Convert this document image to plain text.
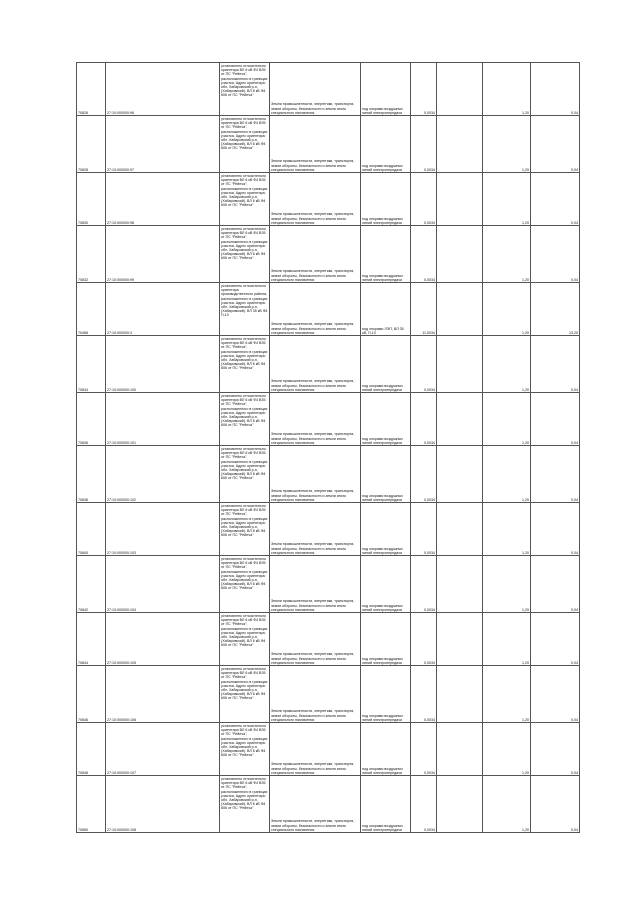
70826	27:10:000000:96	установлено относительно ориентира ВЛ 6 кВ Ф4 ВЗ5 от ПС "Рейнча", расположенного в границах участка. Адрес ориентира: обл. Хабаровский р-н, (Хабаровский). ВЛ 6 кВ Ф4 606 от ПС "Рейнча"	Земли промышленности, энергетики, транспорта, земли обороны, безопасности и земли иного специального назначения	под опорами воздушных линий электропередачи	0,0034		1,20	0,04
70828	27:10:000000:97	установлено относительно ориентира ВЛ 6 кВ Ф4 ВЗ5 от ПС "Рейнча", расположенного в границах участка. Адрес ориентира: обл. Хабаровский р-н, (Хабаровский). ВЛ 6 кВ Ф4 606 от ПС "Рейнча"	Земли промышленности, энергетики, транспорта, земли обороны, безопасности и земли иного специального назначения	под опорами воздушных линий электропередачи	0,0034		1,20	0,04
70830	27:10:000000:98	установлено относительно ориентира ВЛ 6 кВ Ф4 ВЗ5 от ПС "Рейнча", расположенного в границах участка. Адрес ориентира: обл. Хабаровский р-н, (Хабаровский). ВЛ 6 кВ Ф4 606 от ПС "Рейнча"	Земли промышленности, энергетики, транспорта, земли обороны, безопасности и земли иного специального назначения	под опорами воздушных линий электропередачи	0,0034		1,20	0,04
70832	27:10:000000:99	установлено относительно ориентира ВЛ 6 кВ Ф4 ВЗ5 от ПС "Рейнча", расположенного в границах участка. Адрес ориентира: обл. Хабаровский р-н, (Хабаровский). ВЛ 6 кВ Ф4 606 от ПС "Рейнча"	Земли промышленности, энергетики, транспорта, земли обороны, безопасности и земли иного специального назначения	под опорами воздушных линий электропередачи	0,0034		1,20	0,04
70468	27:10:000000:3	установлено относительно ориентира производственного района, расположенного в границах участка. Адрес ориентира: обл. Хабаровский р-н, (Хабаровский). ВЛ 35 кВ Ф4 П-10	Земли промышленности, энергетики, транспорта, земли обороны, безопасности и земли иного специального назначения	под опорами ЛЭП, ВЛ 35 кВ, П-10	11,0034		1,20	13,20
70834	27:10:000000:100	установлено относительно ориентира ВЛ 6 кВ Ф4 ВЗ5 от ПС "Рейнча", расположенного в границах участка. Адрес ориентира: обл. Хабаровский р-н, (Хабаровский). ВЛ 6 кВ Ф4 606 от ПС "Рейнча"	Земли промышленности, энергетики, транспорта, земли обороны, безопасности и земли иного специального назначения	под опорами воздушных линий электропередачи	0,0034		1,20	0,04
70836	27:10:000000:101	установлено относительно ориентира ВЛ 6 кВ Ф4 ВЗ5 от ПС "Рейнча", расположенного в границах участка. Адрес ориентира: обл. Хабаровский р-н, (Хабаровский). ВЛ 6 кВ Ф4 606 от ПС "Рейнча"	Земли промышленности, энергетики, транспорта, земли обороны, безопасности и земли иного специального назначения	под опорами воздушных линий электропередачи	0,0034		1,20	0,04
70838	27:10:000000:102	установлено относительно ориентира ВЛ 6 кВ Ф4 ВЗ5 от ПС "Рейнча", расположенного в границах участка. Адрес ориентира: обл. Хабаровский р-н, (Хабаровский). ВЛ 6 кВ Ф4 606 от ПС "Рейнча"	Земли промышленности, энергетики, транспорта, земли обороны, безопасности и земли иного специального назначения	под опорами воздушных линий электропередачи	0,0034		1,20	0,04
70840	27:10:000000:103	установлено относительно ориентира ВЛ 6 кВ Ф4 ВЗ5 от ПС "Рейнча", расположенного в границах участка. Адрес ориентира: обл. Хабаровский р-н, (Хабаровский). ВЛ 6 кВ Ф4 606 от ПС "Рейнча"	Земли промышленности, энергетики, транспорта, земли обороны, безопасности и земли иного специального назначения	под опорами воздушных линий электропередачи	0,0034		1,20	0,04
70842	27:10:000000:104	установлено относительно ориентира ВЛ 6 кВ Ф4 ВЗ5 от ПС "Рейнча", расположенного в границах участка. Адрес ориентира: обл. Хабаровский р-н, (Хабаровский). ВЛ 6 кВ Ф4 606 от ПС "Рейнча"	Земли промышленности, энергетики, транспорта, земли обороны, безопасности и земли иного специального назначения	под опорами воздушных линий электропередачи	0,0034		1,20	0,04
70844	27:10:000000:105	установлено относительно ориентира ВЛ 6 кВ Ф4 ВЗ5 от ПС "Рейнча", расположенного в границах участка. Адрес ориентира: обл. Хабаровский р-н, (Хабаровский). ВЛ 6 кВ Ф4 606 от ПС "Рейнча"	Земли промышленности, энергетики, транспорта, земли обороны, безопасности и земли иного специального назначения	под опорами воздушных линий электропередачи	0,0034		1,20	0,04
70846	27:10:000000:106	установлено относительно ориентира ВЛ 6 кВ Ф4 ВЗ5 от ПС "Рейнча", расположенного в границах участка. Адрес ориентира: обл. Хабаровский р-н, (Хабаровский). ВЛ 6 кВ Ф4 606 от ПС "Рейнча"	Земли промышленности, энергетики, транспорта, земли обороны, безопасности и земли иного специального назначения	под опорами воздушных линий электропередачи	0,0034		1,20	0,04
70848	27:10:000000:107	установлено относительно ориентира ВЛ 6 кВ Ф4 ВЗ5 от ПС "Рейнча", расположенного в границах участка. Адрес ориентира: обл. Хабаровский р-н, (Хабаровский). ВЛ 6 кВ Ф4 606 от ПС "Рейнча"	Земли промышленности, энергетики, транспорта, земли обороны, безопасности и земли иного специального назначения	под опорами воздушных линий электропередачи	0,0034		1,20	0,04
70850	27:10:000000:108	установлено относительно ориентира ВЛ 6 кВ Ф4 ВЗ5 от ПС "Рейнча", расположенного в границах участка. Адрес ориентира: обл. Хабаровский р-н, (Хабаровский). ВЛ 6 кВ Ф4 606 от ПС "Рейнча"	Земли промышленности, энергетики, транспорта, земли обороны, безопасности и земли иного специального назначения	под опорами воздушных линий электропередачи	0,0034		1,20	0,04
